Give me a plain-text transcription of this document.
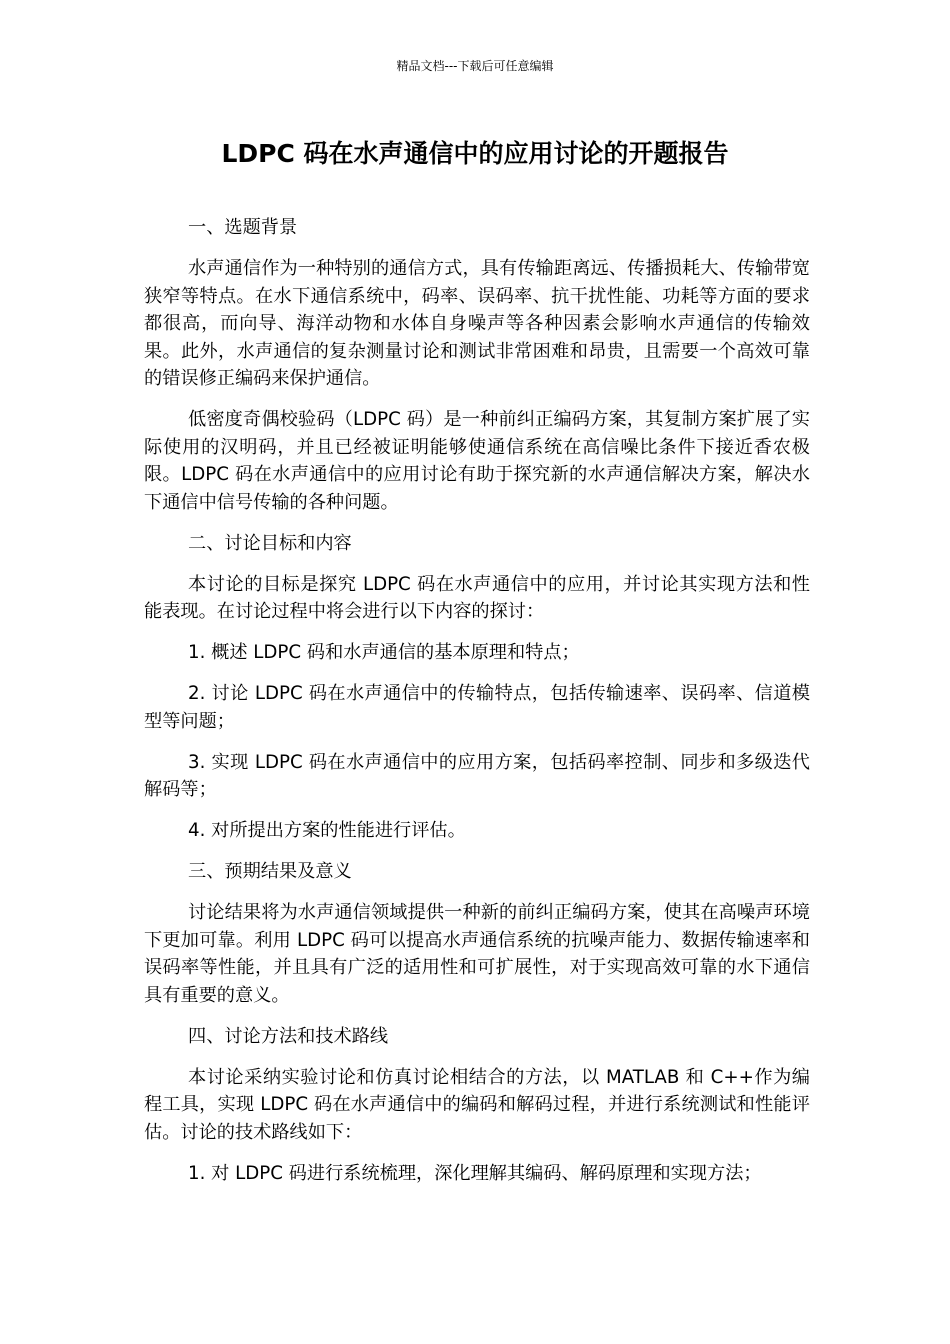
精品文档---下载后可任意编辑
LDPC 码在水声通信中的应用讨论的开题报告

一、选题背景

水声通信作为一种特别的通信方式，具有传输距离远、传播损耗大、传输带宽狭窄等特点。在水下通信系统中，码率、误码率、抗干扰性能、功耗等方面的要求都很高，而向导、海洋动物和水体自身噪声等各种因素会影响水声通信的传输效果。此外，水声通信的复杂测量讨论和测试非常困难和昂贵，且需要一个高效可靠的错误修正编码来保护通信。

低密度奇偶校验码（LDPC 码）是一种前纠正编码方案，其复制方案扩展了实际使用的汉明码，并且已经被证明能够使通信系统在高信噪比条件下接近香农极限。LDPC 码在水声通信中的应用讨论有助于探究新的水声通信解决方案，解决水下通信中信号传输的各种问题。

二、讨论目标和内容

本讨论的目标是探究 LDPC 码在水声通信中的应用，并讨论其实现方法和性能表现。在讨论过程中将会进行以下内容的探讨：

1. 概述 LDPC 码和水声通信的基本原理和特点；

2. 讨论 LDPC 码在水声通信中的传输特点，包括传输速率、误码率、信道模型等问题；

3. 实现 LDPC 码在水声通信中的应用方案，包括码率控制、同步和多级迭代解码等；

4. 对所提出方案的性能进行评估。

三、预期结果及意义

讨论结果将为水声通信领域提供一种新的前纠正编码方案，使其在高噪声环境下更加可靠。利用 LDPC 码可以提高水声通信系统的抗噪声能力、数据传输速率和误码率等性能，并且具有广泛的适用性和可扩展性，对于实现高效可靠的水下通信具有重要的意义。

四、讨论方法和技术路线

本讨论采纳实验讨论和仿真讨论相结合的方法，以 MATLAB 和 C++作为编程工具，实现 LDPC 码在水声通信中的编码和解码过程，并进行系统测试和性能评估。讨论的技术路线如下：

1. 对 LDPC 码进行系统梳理，深化理解其编码、解码原理和实现方法；
